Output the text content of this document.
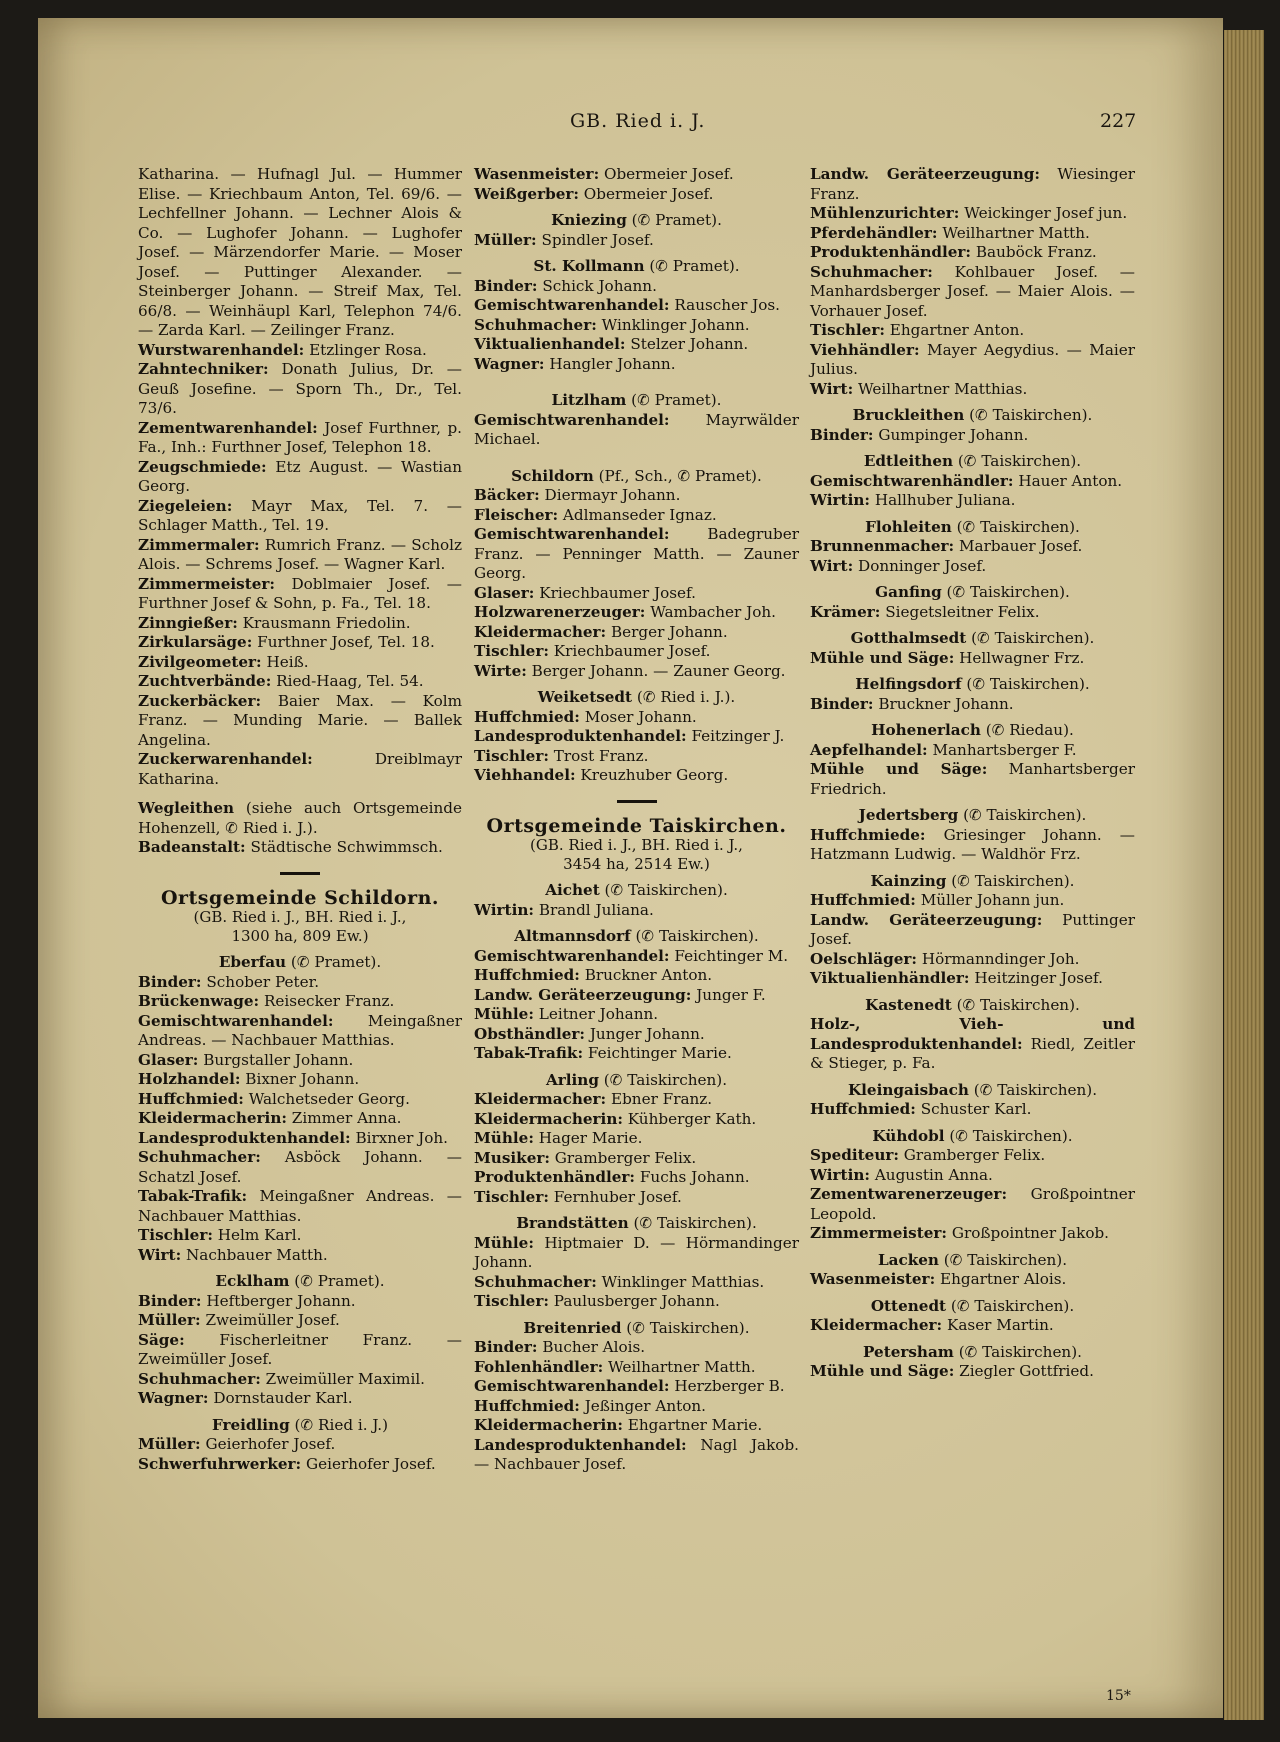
GB. Ried i. J.	227
Katharina. — Hufnagl Jul. — Hummer Elise. — Kriechbaum Anton, Tel. 69/6. — Lechfellner Johann. — Lechner Alois & Co. — Lughofer Johann. — Lughofer Josef. — Märzendorfer Marie. — Moser Josef. — Puttinger Alexander. — Steinberger Johann. — Streif Max, Tel. 66/8. — Weinhäupl Karl, Telephon 74/6. — Zarda Karl. — Zeilinger Franz.
Wurstwarenhandel: Etzlinger Rosa.
Zahntechniker: Donath Julius, Dr. — Geuß Josefine. — Sporn Th., Dr., Tel. 73/6.
Zementwarenhandel: Josef Furthner, p. Fa., Inh.: Furthner Josef, Telephon 18.
Zeugschmiede: Etz August. — Wastian Georg.
Ziegeleien: Mayr Max, Tel. 7. — Schlager Matth., Tel. 19.
Zimmermaler: Rumrich Franz. — Scholz Alois. — Schrems Josef. — Wagner Karl.
Zimmermeister: Doblmaier Josef. — Furthner Josef & Sohn, p. Fa., Tel. 18.
Zinngießer: Krausmann Friedolin.
Zirkularsäge: Furthner Josef, Tel. 18.
Zivilgeometer: Heiß.
Zuchtverbände: Ried-Haag, Tel. 54.
Zuckerbäcker: Baier Max. — Kolm Franz. — Munding Marie. — Ballek Angelina.
Zuckerwarenhandel: Dreiblmayr Katharina.
Wegleithen (siehe auch Ortsgemeinde Hohenzell, ✆ Ried i. J.).
Badeanstalt: Städtische Schwimmsch.
Ortsgemeinde Schildorn.
(GB. Ried i. J., BH. Ried i. J.,
1300 ha, 809 Ew.)
Eberfau (✆ Pramet).
Binder: Schober Peter.
Brückenwage: Reisecker Franz.
Gemischtwarenhandel: Meingaßner Andreas. — Nachbauer Matthias.
Glaser: Burgstaller Johann.
Holzhandel: Bixner Johann.
Huffchmied: Walchetseder Georg.
Kleidermacherin: Zimmer Anna.
Landesproduktenhandel: Birxner Joh.
Schuhmacher: Asböck Johann. — Schatzl Josef.
Tabak-Trafik: Meingaßner Andreas. — Nachbauer Matthias.
Tischler: Helm Karl.
Wirt: Nachbauer Matth.
Ecklham (✆ Pramet).
Binder: Heftberger Johann.
Müller: Zweimüller Josef.
Säge: Fischerleitner Franz. — Zweimüller Josef.
Schuhmacher: Zweimüller Maximil.
Wagner: Dornstauder Karl.
Freidling (✆ Ried i. J.)
Müller: Geierhofer Josef.
Schwerfuhrwerker: Geierhofer Josef.
Wasenmeister: Obermeier Josef.
Weißgerber: Obermeier Josef.
Kniezing (✆ Pramet).
Müller: Spindler Josef.
St. Kollmann (✆ Pramet).
Binder: Schick Johann.
Gemischtwarenhandel: Rauscher Jos.
Schuhmacher: Winklinger Johann.
Viktualienhandel: Stelzer Johann.
Wagner: Hangler Johann.
Litzlham (✆ Pramet).
Gemischtwarenhandel: Mayrwälder Michael.
Schildorn (Pf., Sch., ✆ Pramet).
Bäcker: Diermayr Johann.
Fleischer: Adlmanseder Ignaz.
Gemischtwarenhandel: Badegruber Franz. — Penninger Matth. — Zauner Georg.
Glaser: Kriechbaumer Josef.
Holzwarenerzeuger: Wambacher Joh.
Kleidermacher: Berger Johann.
Tischler: Kriechbaumer Josef.
Wirte: Berger Johann. — Zauner Georg.
Weiketsedt (✆ Ried i. J.).
Huffchmied: Moser Johann.
Landesproduktenhandel: Feitzinger J.
Tischler: Trost Franz.
Viehhandel: Kreuzhuber Georg.
Ortsgemeinde Taiskirchen.
(GB. Ried i. J., BH. Ried i. J.,
3454 ha, 2514 Ew.)
Aichet (✆ Taiskirchen).
Wirtin: Brandl Juliana.
Altmannsdorf (✆ Taiskirchen).
Gemischtwarenhandel: Feichtinger M.
Huffchmied: Bruckner Anton.
Landw. Geräteerzeugung: Junger F.
Mühle: Leitner Johann.
Obsthändler: Junger Johann.
Tabak-Trafik: Feichtinger Marie.
Arling (✆ Taiskirchen).
Kleidermacher: Ebner Franz.
Kleidermacherin: Kühberger Kath.
Mühle: Hager Marie.
Musiker: Gramberger Felix.
Produktenhändler: Fuchs Johann.
Tischler: Fernhuber Josef.
Brandstätten (✆ Taiskirchen).
Mühle: Hiptmaier D. — Hörmandinger Johann.
Schuhmacher: Winklinger Matthias.
Tischler: Paulusberger Johann.
Breitenried (✆ Taiskirchen).
Binder: Bucher Alois.
Fohlenhändler: Weilhartner Matth.
Gemischtwarenhandel: Herzberger B.
Huffchmied: Jeßinger Anton.
Kleidermacherin: Ehgartner Marie.
Landesproduktenhandel: Nagl Jakob. — Nachbauer Josef.
Landw. Geräteerzeugung: Wiesinger Franz.
Mühlenzurichter: Weickinger Josef jun.
Pferdehändler: Weilhartner Matth.
Produktenhändler: Bauböck Franz.
Schuhmacher: Kohlbauer Josef. — Manhardsberger Josef. — Maier Alois. — Vorhauer Josef.
Tischler: Ehgartner Anton.
Viehhändler: Mayer Aegydius. — Maier Julius.
Wirt: Weilhartner Matthias.
Bruckleithen (✆ Taiskirchen).
Binder: Gumpinger Johann.
Edtleithen (✆ Taiskirchen).
Gemischtwarenhändler: Hauer Anton.
Wirtin: Hallhuber Juliana.
Flohleiten (✆ Taiskirchen).
Brunnenmacher: Marbauer Josef.
Wirt: Donninger Josef.
Ganfing (✆ Taiskirchen).
Krämer: Siegetsleitner Felix.
Gotthalmsedt (✆ Taiskirchen).
Mühle und Säge: Hellwagner Frz.
Helfingsdorf (✆ Taiskirchen).
Binder: Bruckner Johann.
Hohenerlach (✆ Riedau).
Aepfelhandel: Manhartsberger F.
Mühle und Säge: Manhartsberger Friedrich.
Jedertsberg (✆ Taiskirchen).
Huffchmiede: Griesinger Johann. — Hatzmann Ludwig. — Waldhör Frz.
Kainzing (✆ Taiskirchen).
Huffchmied: Müller Johann jun.
Landw. Geräteerzeugung: Puttinger Josef.
Oelschläger: Hörmanndinger Joh.
Viktualienhändler: Heitzinger Josef.
Kastenedt (✆ Taiskirchen).
Holz-, Vieh- und Landesproduktenhandel: Riedl, Zeitler & Stieger, p. Fa.
Kleingaisbach (✆ Taiskirchen).
Huffchmied: Schuster Karl.
Kühdobl (✆ Taiskirchen).
Spediteur: Gramberger Felix.
Wirtin: Augustin Anna.
Zementwarenerzeuger: Großpointner Leopold.
Zimmermeister: Großpointner Jakob.
Lacken (✆ Taiskirchen).
Wasenmeister: Ehgartner Alois.
Ottenedt (✆ Taiskirchen).
Kleidermacher: Kaser Martin.
Petersham (✆ Taiskirchen).
Mühle und Säge: Ziegler Gottfried.
15*
